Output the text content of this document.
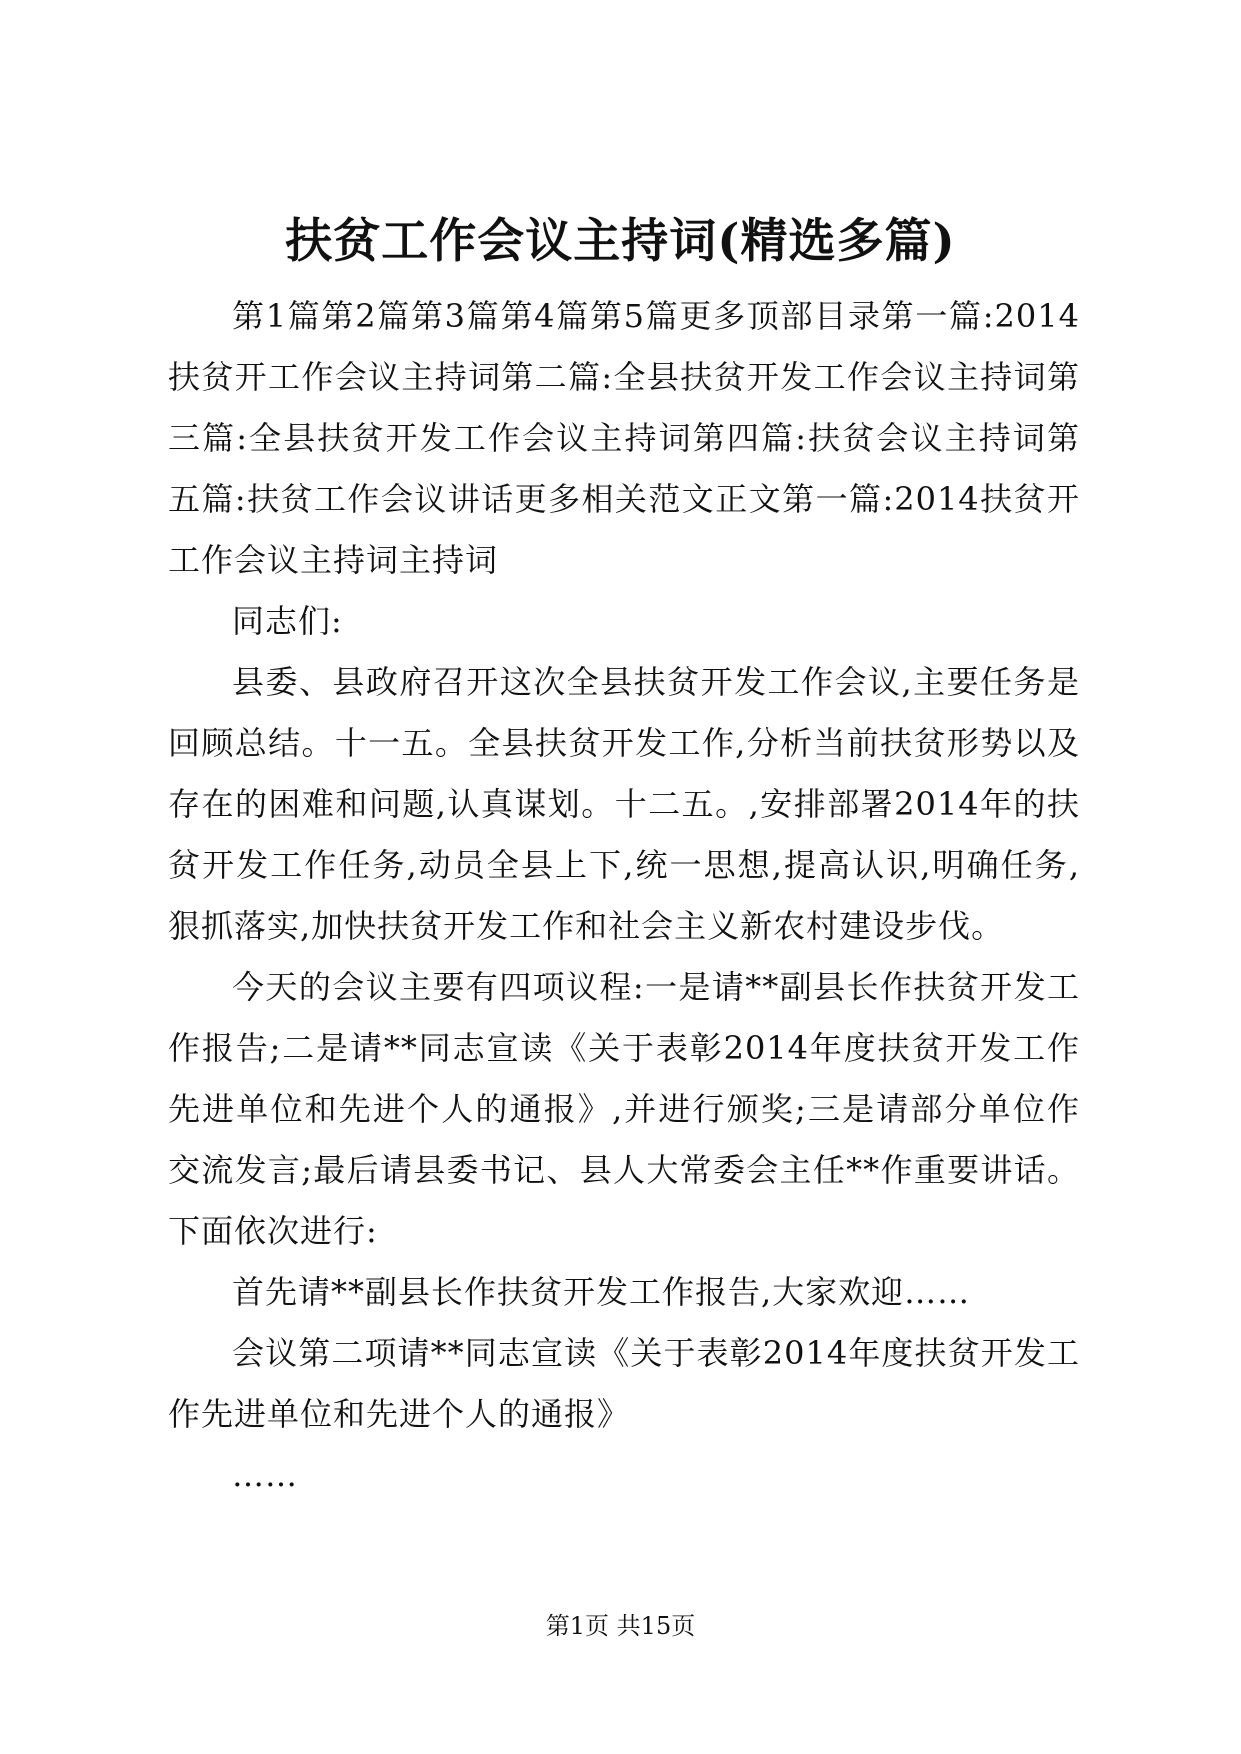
扶贫工作会议主持词(精选多篇)

第1篇第2篇第3篇第4篇第5篇更多顶部目录第一篇:2014扶贫开工作会议主持词第二篇:全县扶贫开发工作会议主持词第三篇:全县扶贫开发工作会议主持词第四篇:扶贫会议主持词第五篇:扶贫工作会议讲话更多相关范文正文第一篇:2014扶贫开工作会议主持词主持词

同志们:

县委、县政府召开这次全县扶贫开发工作会议,主要任务是回顾总结。十一五。全县扶贫开发工作,分析当前扶贫形势以及存在的困难和问题,认真谋划。十二五。,安排部署2014年的扶贫开发工作任务,动员全县上下,统一思想,提高认识,明确任务,狠抓落实,加快扶贫开发工作和社会主义新农村建设步伐。

今天的会议主要有四项议程:一是请**副县长作扶贫开发工作报告;二是请**同志宣读《关于表彰2014年度扶贫开发工作先进单位和先进个人的通报》,并进行颁奖;三是请部分单位作交流发言;最后请县委书记、县人大常委会主任**作重要讲话。下面依次进行:

首先请**副县长作扶贫开发工作报告,大家欢迎……

会议第二项请**同志宣读《关于表彰2014年度扶贫开发工作先进单位和先进个人的通报》

……

第1页 共15页
